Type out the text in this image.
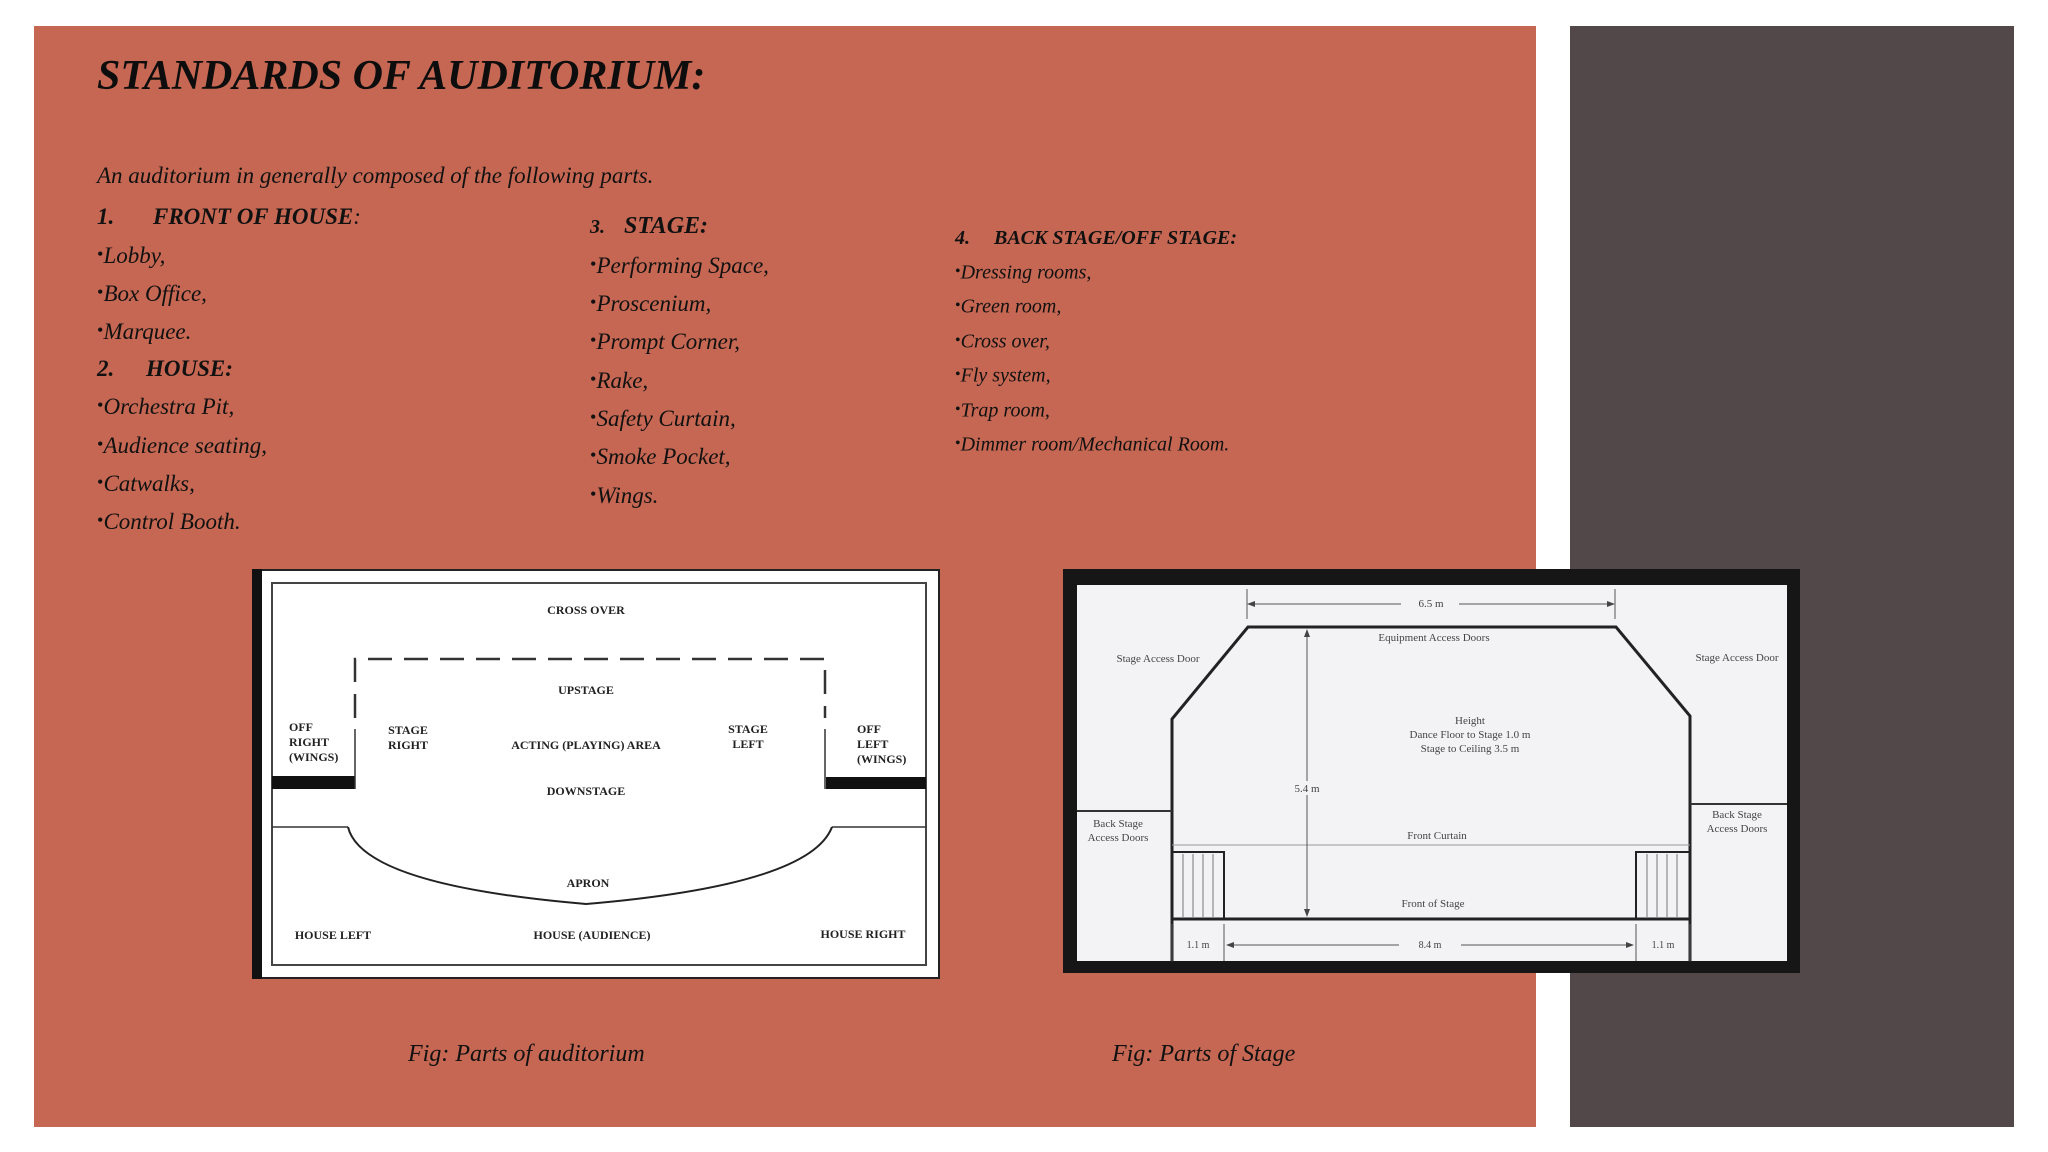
STANDARDS OF AUDITORIUM:
An auditorium in generally composed of the following parts.
1. FRONT OF HOUSE:
• Lobby,
• Box Office,
• Marquee.
2. HOUSE:
• Orchestra Pit,
• Audience seating,
• Catwalks,
• Control Booth.
3. STAGE:
• Performing Space,
• Proscenium,
• Prompt Corner,
• Rake,
• Safety Curtain,
• Smoke Pocket,
• Wings.
4. BACK STAGE/OFF STAGE:
• Dressing rooms,
• Green room,
• Cross over,
• Fly system,
• Trap room,
• Dimmer room/Mechanical Room.
CROSS OVER
UPSTAGE
OFF
RIGHT
(WINGS)
STAGE
RIGHT	ACTING (PLAYING) AREA
STAGE
LEFT
OFF
LEFT
(WINGS)
DOWNSTAGE
APRON
HOUSE LEFT	HOUSE (AUDIENCE)	HOUSE RIGHT
6.5 m
Equipment Access Doors
Stage Access Door	Stage Access Door
Height
Dance Floor to Stage 1.0 m
Stage to Ceiling 3.5 m
5.4 m
Back Stage
Access Doors	Front Curtain
Back Stage
Access Doors
Front of Stage
1.1 m	8.4 m	1.1 m
Fig: Parts of auditorium	Fig: Parts of Stage
